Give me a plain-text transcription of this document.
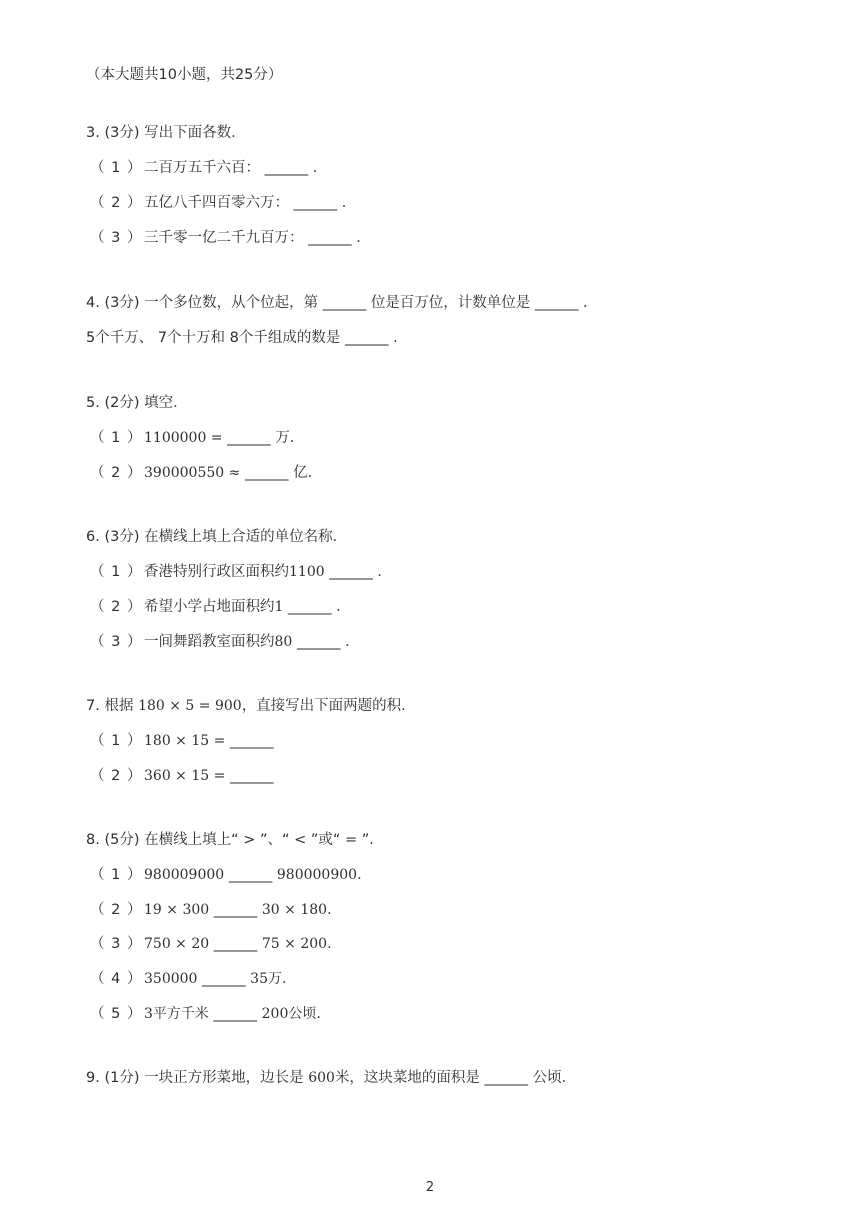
（本大题共10小题，共25分）
3. (3分) 写出下面各数．
（ 1 ） 二百万五千六百： ______ ．
（ 2 ） 五亿八千四百零六万： ______ ．
（ 3 ） 三千零一亿二千九百万： ______ ．
4. (3分) 一个多位数，从个位起，第 ______ 位是百万位，计数单位是 ______ ．
5个千万、 7个十万和 8个千组成的数是 ______ ．
5. (2分) 填空．
（ 1 ） 1100000 = ______ 万．
（ 2 ） 390000550 ≈ ______ 亿．
6. (3分) 在横线上填上合适的单位名称．
（ 1 ） 香港特别行政区面积约1100 ______ ．
（ 2 ） 希望小学占地面积约1 ______ ．
（ 3 ） 一间舞蹈教室面积约80 ______ ．
7. 根据 180 × 5 = 900，直接写出下面两题的积．
（ 1 ） 180 × 15 = ______
（ 2 ） 360 × 15 = ______
8. (5分) 在横线上填上“ > ”、“ < ”或“ = ”．
（ 1 ） 980009000 ______ 980000900．
（ 2 ） 19 × 300 ______ 30 × 180．
（ 3 ） 750 × 20 ______ 75 × 200．
（ 4 ） 350000 ______ 35万．
（ 5 ） 3平方千米 ______ 200公顷．
9. (1分) 一块正方形菜地，边长是 600米，这块菜地的面积是 ______ 公顷．
2
